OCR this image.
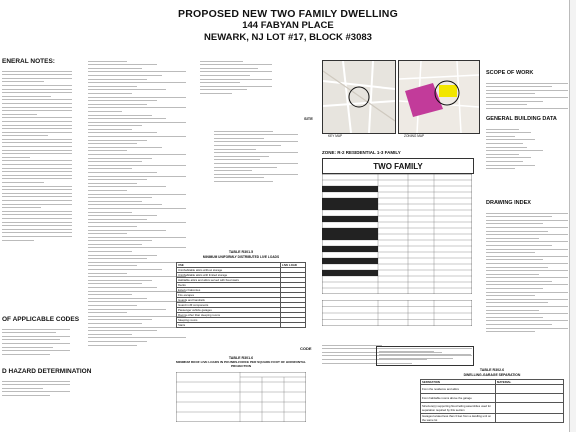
PROPOSED NEW TWO FAMILY DWELLING
144 FABYAN PLACE
NEWARK, NJ LOT #17, BLOCK #3083
ENERAL NOTES:
OF APPLICABLE CODES
D HAZARD DETERMINATION
SITE
KEY MAP	ZONING MAP
SCOPE OF WORK
GENERAL BUILDING DATA
DRAWING INDEX
ZONE: R-2 RESIDENTIAL 1-3 FAMILY
TWO FAMILY
CODE
TABLE R301.5
MINIMUM UNIFORMLY DISTRIBUTED LIVE LOADS
USE	LIVE LOAD
Uninhabitable attics without storage	
Uninhabitable attics with limited storage	
Habitable attics and attics served with fixed stairs	
Decks	
Exterior balconies	
Fire escapes	
Guards and handrails	
Guard in-fill components	
Passenger vehicle garages	
Rooms other than sleeping rooms	
Sleeping rooms	
Stairs	
TABLE R301.6
MINIMUM ROOF LIVE LOADS IN POUNDS-FORCE PER SQUARE FOOT OF HORIZONTAL PROJECTION
TABLE R302.6
DWELLING-GARAGE SEPARATION
SEPARATION	MATERIAL
From the residence and attics	
From habitable rooms above the garage	
Structure(s) supporting floor/ceiling assemblies used for separation required by this section	
Garages located less than 3 feet from a dwelling unit on the same lot	
